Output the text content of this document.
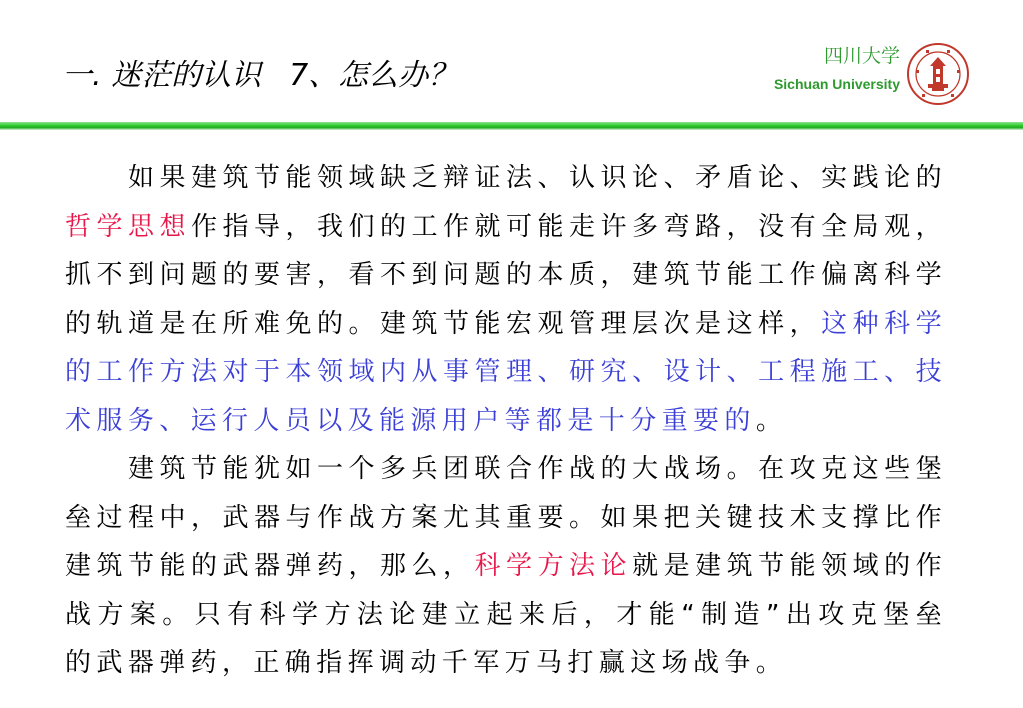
一. 迷茫的认识 7、怎么办？
四川大学
Sichuan University

如果建筑节能领域缺乏辩证法、认识论、矛盾论、实践论的哲学思想作指导，我们的工作就可能走许多弯路，没有全局观，抓不到问题的要害，看不到问题的本质，建筑节能工作偏离科学的轨道是在所难免的。建筑节能宏观管理层次是这样，这种科学的工作方法对于本领域内从事管理、研究、设计、工程施工、技术服务、运行人员以及能源用户等都是十分重要的。

建筑节能犹如一个多兵团联合作战的大战场。在攻克这些堡垒过程中，武器与作战方案尤其重要。如果把关键技术支撑比作建筑节能的武器弹药，那么，科学方法论就是建筑节能领域的作战方案。只有科学方法论建立起来后，才能“制造”出攻克堡垒的武器弹药，正确指挥调动千军万马打赢这场战争。
